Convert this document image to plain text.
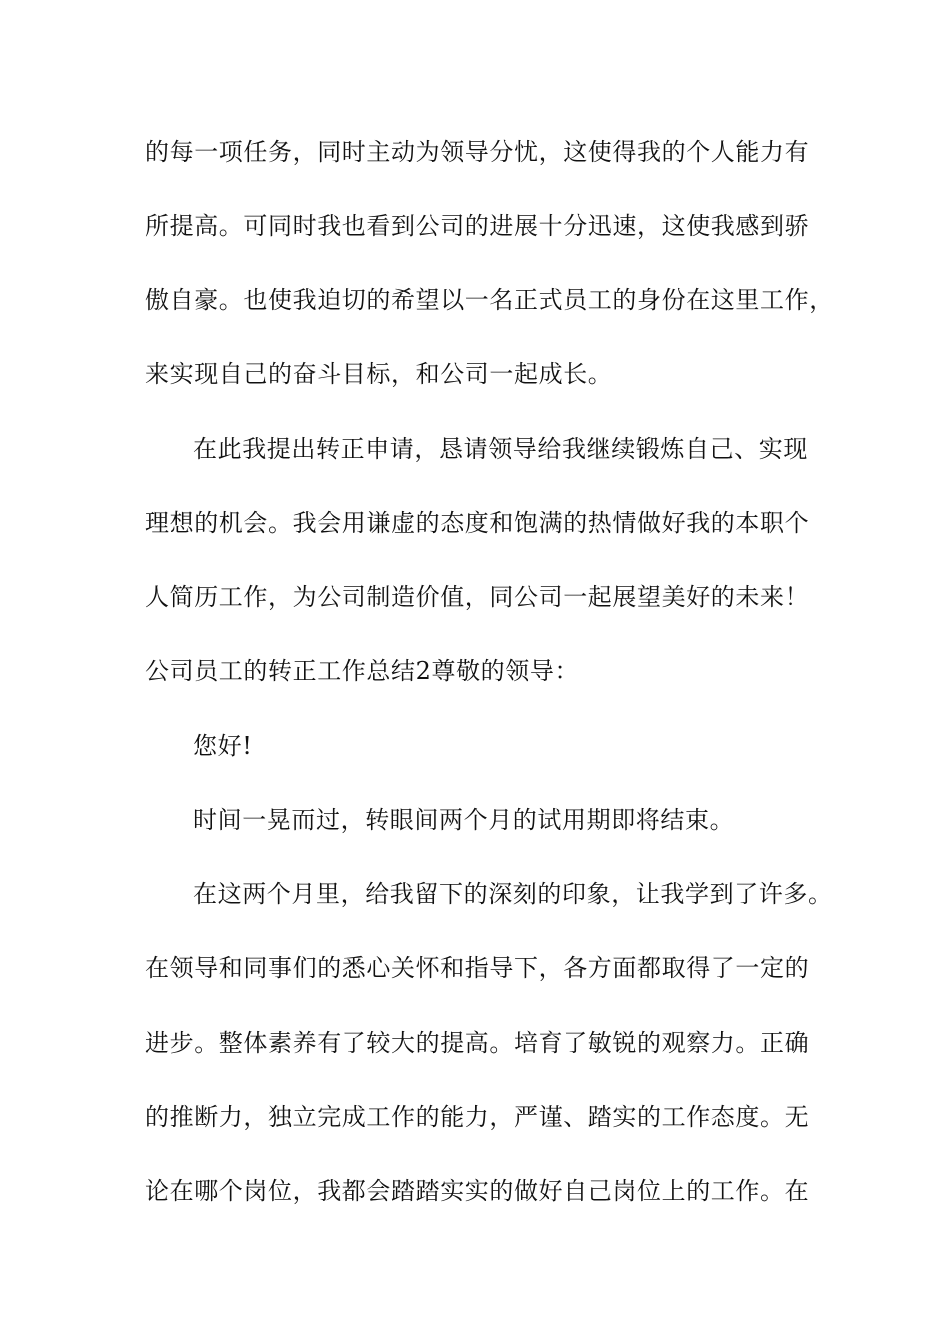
的每一项任务，同时主动为领导分忧，这使得我的个人能力有
所提高。可同时我也看到公司的进展十分迅速，这使我感到骄
傲自豪。也使我迫切的希望以一名正式员工的身份在这里工作，
来实现自己的奋斗目标，和公司一起成长。
在此我提出转正申请，恳请领导给我继续锻炼自己、实现
理想的机会。我会用谦虚的态度和饱满的热情做好我的本职个
人简历工作，为公司制造价值，同公司一起展望美好的未来！
公司员工的转正工作总结2尊敬的领导：
您好!
时间一晃而过，转眼间两个月的试用期即将结束。
在这两个月里，给我留下的深刻的印象，让我学到了许多。
在领导和同事们的悉心关怀和指导下，各方面都取得了一定的
进步。整体素养有了较大的提高。培育了敏锐的观察力。正确
的推断力，独立完成工作的能力，严谨、踏实的工作态度。无
论在哪个岗位，我都会踏踏实实的做好自己岗位上的工作。在
